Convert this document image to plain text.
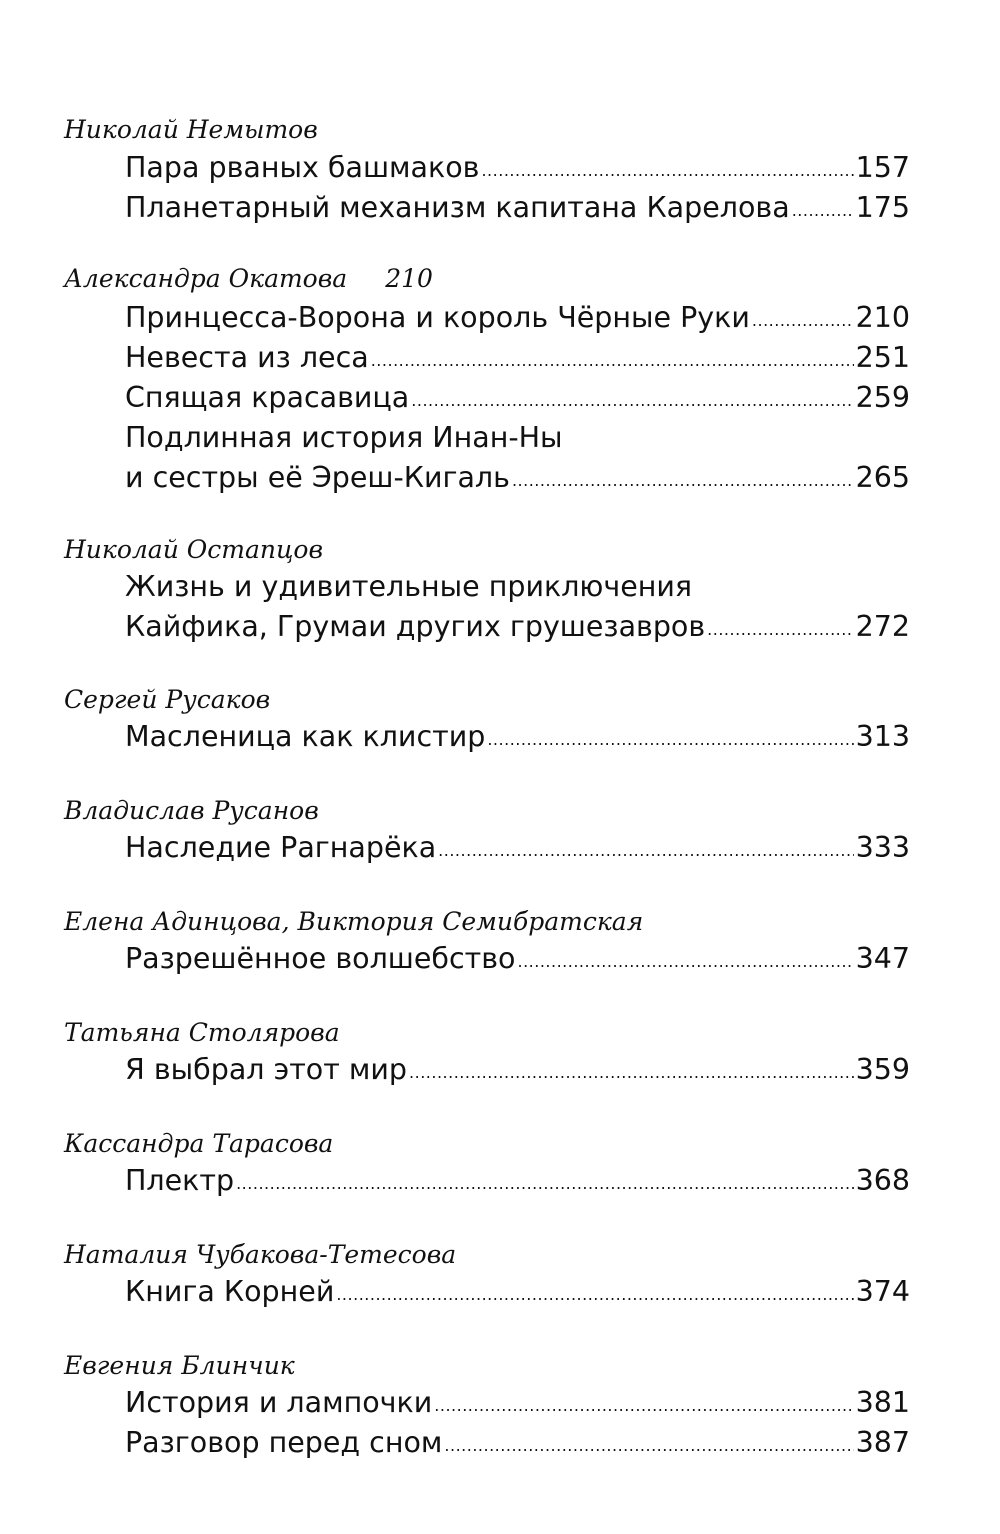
Николай Немытов
Пара рваных башмаков .....	157
Планетарный механизм капитана Карелова ..... 175
Александра Окатова 210
Принцесса-Ворона и король Чёрные Руки .....	210
Невеста из леса .....	251
Спящая красавица .....	259
Подлинная история Инан-Ны
и сестры её Эреш-Кигаль .....	265
Николай Остапцов
Жизнь и удивительные приключения
Кайфика, Грумаи других грушезавров .....	272
Сергей Русаков
Масленица как клистир .....	313
Владислав Русанов
Наследие Рагнарёка .....	333
Елена Адинцова, Виктория Семибратская
Разрешённое волшебство .....	347
Татьяна Столярова
Я выбрал этот мир .....	359
Кассандра Тарасова
Плектр .....	368
Наталия Чубакова-Тетесова
Книга Корней .....	374
Евгения Блинчик
История и лампочки .....	381
Разговор перед сном .....	387
